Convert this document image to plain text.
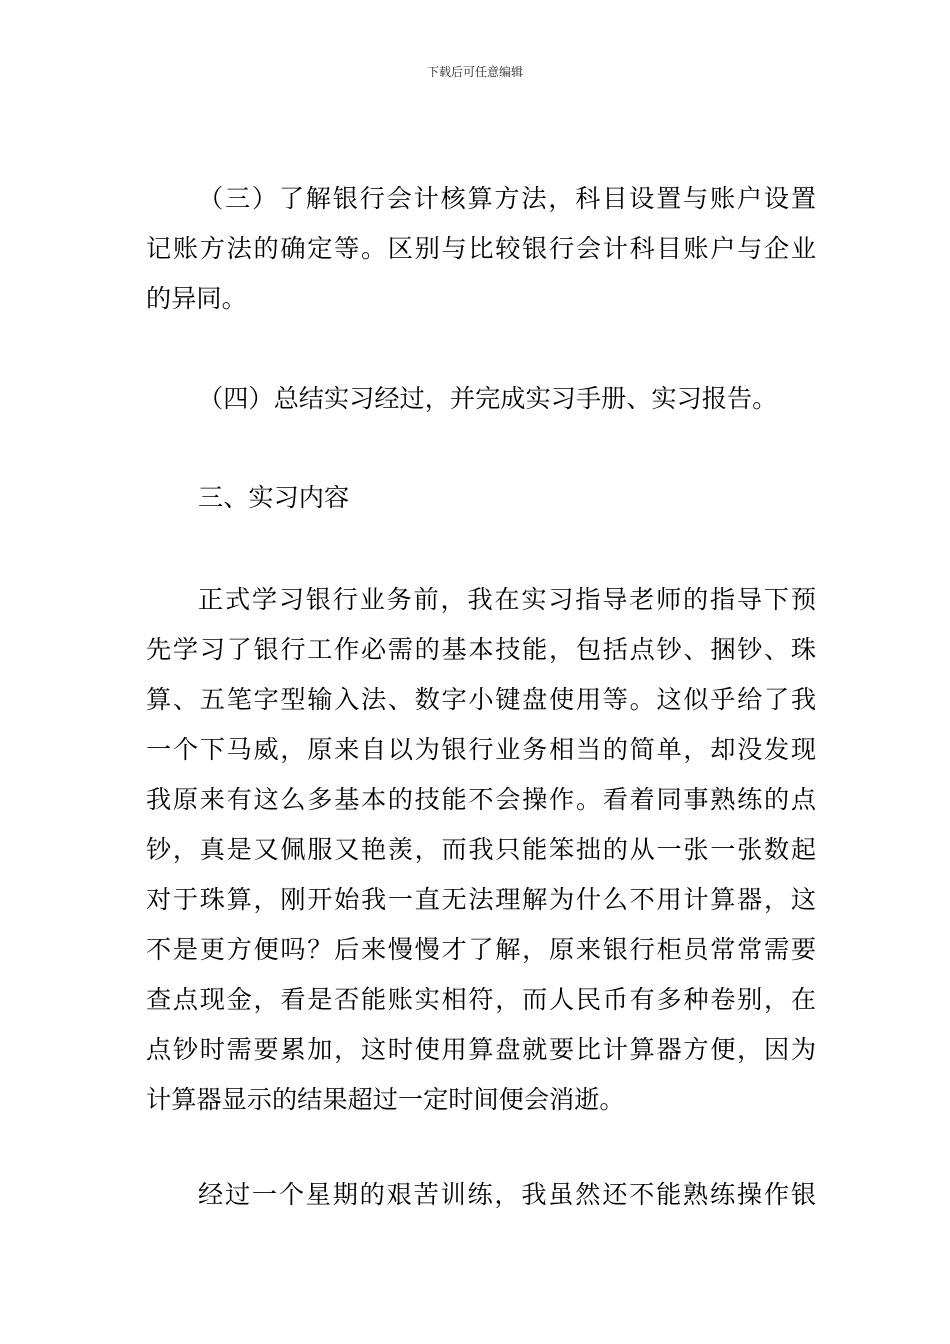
下载后可任意编辑
（三）了解银行会计核算方法，科目设置与账户设置
记账方法的确定等。区别与比较银行会计科目账户与企业
的异同。
（四）总结实习经过，并完成实习手册、实习报告。
三、实习内容
正式学习银行业务前，我在实习指导老师的指导下预
先学习了银行工作必需的基本技能，包括点钞、捆钞、珠
算、五笔字型输入法、数字小键盘使用等。这似乎给了我
一个下马威，原来自以为银行业务相当的简单，却没发现
我原来有这么多基本的技能不会操作。看着同事熟练的点
钞，真是又佩服又艳羡，而我只能笨拙的从一张一张数起
对于珠算，刚开始我一直无法理解为什么不用计算器，这
不是更方便吗？后来慢慢才了解，原来银行柜员常常需要
查点现金，看是否能账实相符，而人民币有多种卷别，在
点钞时需要累加，这时使用算盘就要比计算器方便，因为
计算器显示的结果超过一定时间便会消逝。
经过一个星期的艰苦训练，我虽然还不能熟练操作银
